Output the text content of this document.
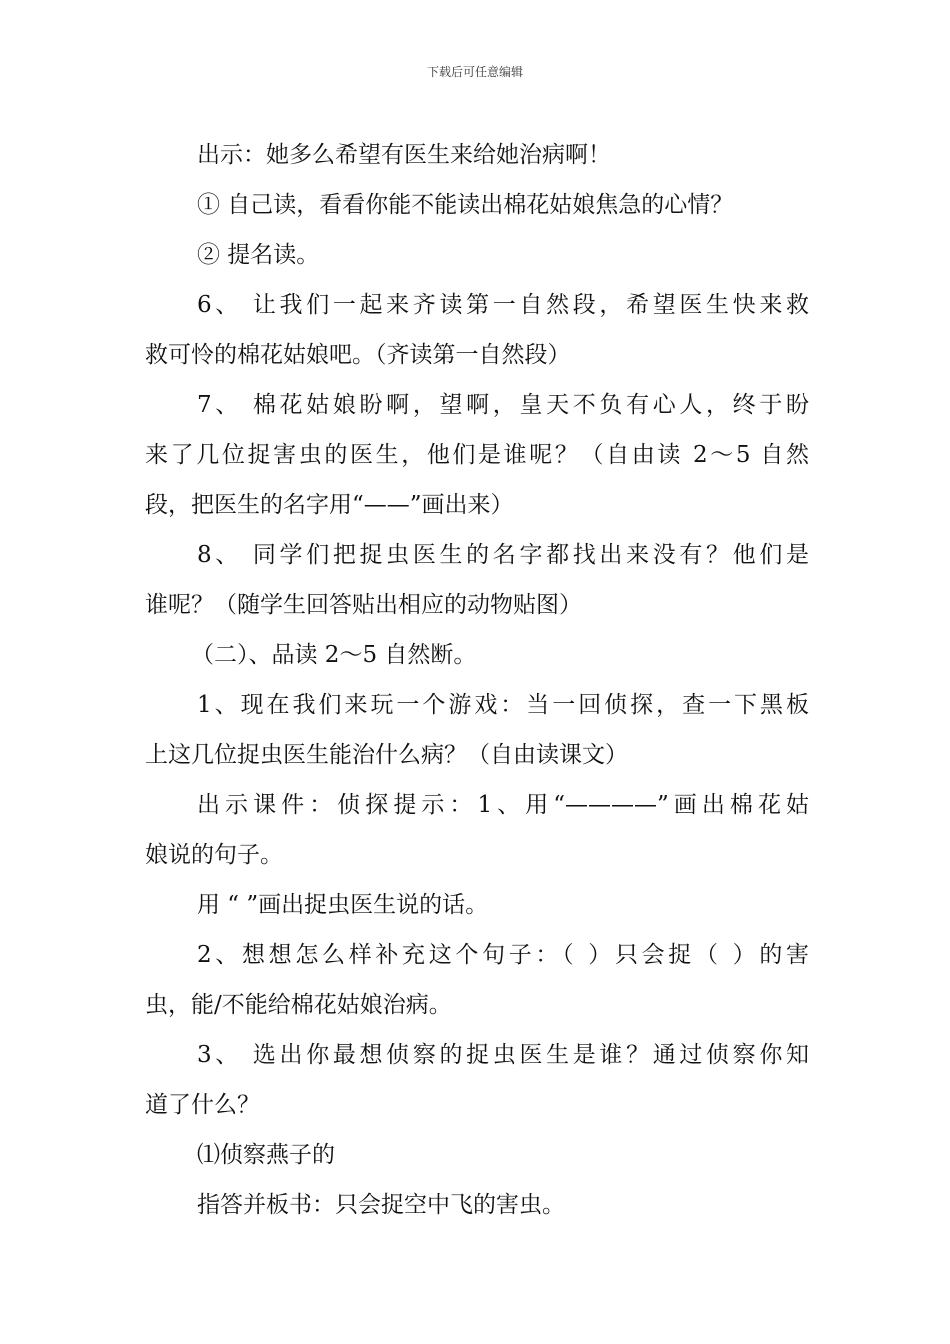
下载后可任意编辑

出示：她多么希望有医生来给她治病啊！

① 自己读，看看你能不能读出棉花姑娘焦急的心情？

② 提名读。

6、 让我们一起来齐读第一自然段，希望医生快来救
救可怜的棉花姑娘吧。（齐读第一自然段）

7、 棉花姑娘盼啊，望啊，皇天不负有心人，终于盼
来了几位捉害虫的医生，他们是谁呢？（自由读 2～5 自然
段，把医生的名字用“——”画出来）

8、 同学们把捉虫医生的名字都找出来没有？他们是
谁呢？（随学生回答贴出相应的动物贴图）

（二）、品读 2～5 自然断。

1、现在我们来玩一个游戏：当一回侦探，查一下黑板
上这几位捉虫医生能治什么病？（自由读课文）

出示课件：侦探提示：1、用“————”画出棉花姑
娘说的句子。

用 “ ”画出捉虫医生说的话。

2、想想怎么样补充这个句子：（ ）只会捉（ ）的害
虫，能/不能给棉花姑娘治病。

3、 选出你最想侦察的捉虫医生是谁？通过侦察你知
道了什么？

⑴侦察燕子的

指答并板书：只会捉空中飞的害虫。
